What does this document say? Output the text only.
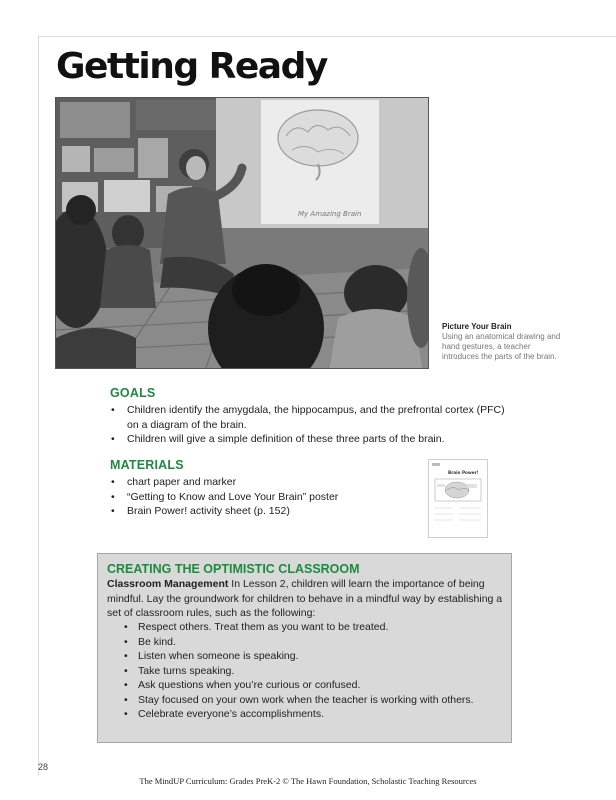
Getting Ready
My Amazing Brain
Picture Your Brain
Using an anatomical drawing and hand gestures, a teacher introduces the parts of the brain.
GOALS
• Children identify the amygdala, the hippocampus, and the prefrontal cortex (PFC) on a diagram of the brain.
• Children will give a simple definition of these three parts of the brain.
MATERIALS
• chart paper and marker
• “Getting to Know and Love Your Brain” poster
• Brain Power! activity sheet (p. 152)
Brain Power!
CREATING THE OPTIMISTIC CLASSROOM

Classroom Management In Lesson 2, children will learn the importance of being mindful. Lay the groundwork for children to behave in a mindful way by establishing a set of classroom rules, such as the following:

• Respect others. Treat them as you want to be treated.
• Be kind.
• Listen when someone is speaking.
• Take turns speaking.
• Ask questions when you’re curious or confused.
• Stay focused on your own work when the teacher is working with others.
• Celebrate everyone’s accomplishments.
28
The MindUP Curriculum: Grades PreK-2 © The Hawn Foundation, Scholastic Teaching Resources
